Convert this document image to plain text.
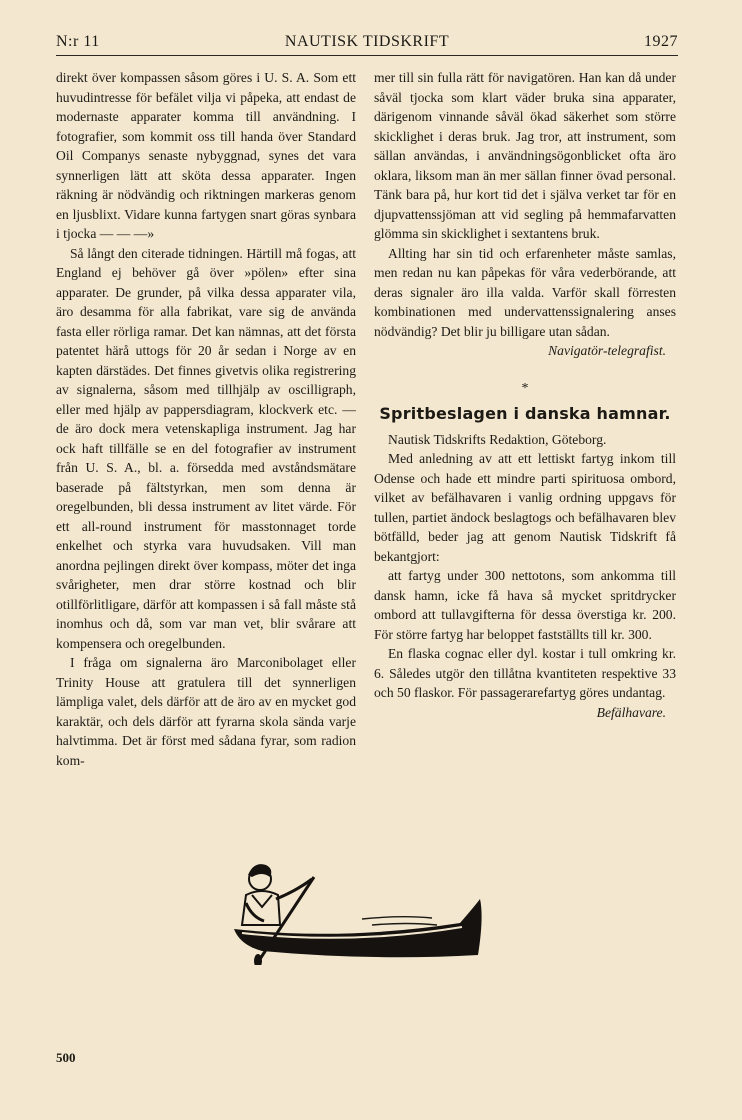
N:r 11	NAUTISK TIDSKRIFT	1927

direkt över kompassen såsom göres i U. S. A. Som ett huvudintresse för befälet vilja vi påpeka, att endast de modernaste apparater komma till användning. I fotografier, som kommit oss till handa över Standard Oil Companys senaste nybyggnad, synes det vara synnerligen lätt att sköta dessa apparater. Ingen räkning är nödvändig och riktningen markeras genom en ljusblixt. Vidare kunna fartygen snart göras synbara i tjocka — — —»

Så långt den citerade tidningen. Härtill må fogas, att England ej behöver gå över »pölen» efter sina apparater. De grunder, på vilka dessa apparater vila, äro desamma för alla fabrikat, vare sig de använda fasta eller rörliga ramar. Det kan nämnas, att det första patentet härå uttogs för 20 år sedan i Norge av en kapten därstädes. Det finnes givetvis olika registrering av signalerna, såsom med tillhjälp av oscilligraph, eller med hjälp av pappersdiagram, klockverk etc. — de äro dock mera vetenskapliga instrument. Jag har ock haft tillfälle se en del fotografier av instrument från U. S. A., bl. a. försedda med avståndsmätare baserade på fältstyrkan, men som denna är oregelbunden, bli dessa instrument av litet värde. För ett all-round instrument för masstonnaget torde enkelhet och styrka vara huvudsaken. Vill man anordna pejlingen direkt över kompass, möter det inga svårigheter, men drar större kostnad och blir otillförlitligare, därför att kompassen i så fall måste stå inomhus och då, som var man vet, blir svårare att kompensera och oregelbunden.

I fråga om signalerna äro Marconibolaget eller Trinity House att gratulera till det synnerligen lämpliga valet, dels därför att de äro av en mycket god karaktär, och dels därför att fyrarna skola sända varje halvtimma. Det är först med sådana fyrar, som radion kom-

mer till sin fulla rätt för navigatören. Han kan då under såväl tjocka som klart väder bruka sina apparater, därigenom vinnande såväl ökad säkerhet som större skicklighet i deras bruk. Jag tror, att instrument, som sällan användas, i användningsögonblicket ofta äro oklara, liksom man än mer sällan finner övad personal. Tänk bara på, hur kort tid det i själva verket tar för en djupvattenssjöman att vid segling på hemmafarvatten glömma sin skicklighet i sextantens bruk.

Allting har sin tid och erfarenheter måste samlas, men redan nu kan påpekas för våra vederbörande, att deras signaler äro illa valda. Varför skall förresten kombinationen med undervattenssignalering anses nödvändig? Det blir ju billigare utan sådan.

Navigatör-telegrafist.

*
Spritbeslagen i danska hamnar.

Nautisk Tidskrifts Redaktion, Göteborg.

Med anledning av att ett lettiskt fartyg inkom till Odense och hade ett mindre parti spirituosa ombord, vilket av befälhavaren i vanlig ordning uppgavs för tullen, partiet ändock beslagtogs och befälhavaren blev bötfälld, beder jag att genom Nautisk Tidskrift få bekantgjort:

att fartyg under 300 nettotons, som ankomma till dansk hamn, icke få hava så mycket spritdrycker ombord att tullavgifterna för dessa överstiga kr. 200. För större fartyg har beloppet fastställts till kr. 300.

En flaska cognac eller dyl. kostar i tull omkring kr. 6. Således utgör den tillåtna kvantiteten respektive 33 och 50 flaskor. För passagerarefartyg göres undantag.

Befälhavare.

500
